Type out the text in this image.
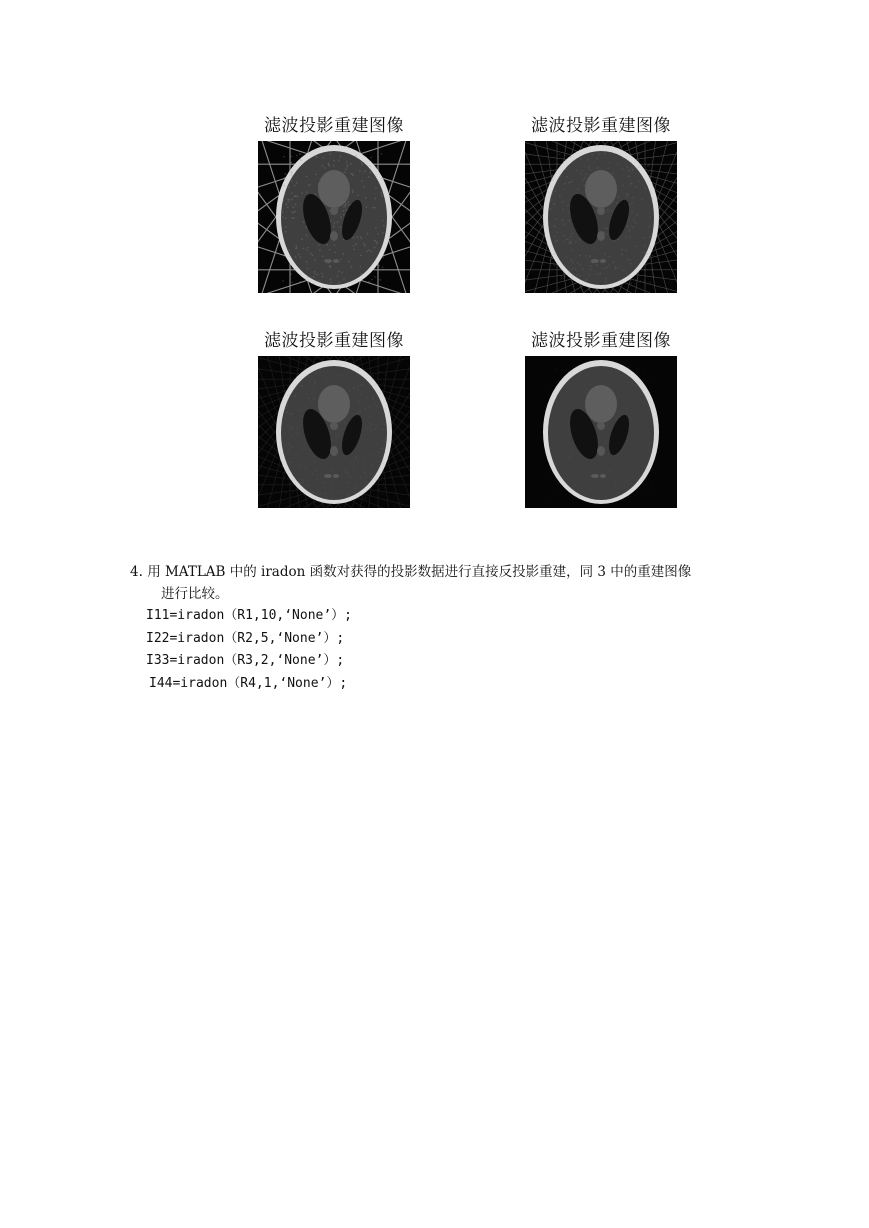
滤波投影重建图像	滤波投影重建图像
滤波投影重建图像	滤波投影重建图像
4. 用 MATLAB 中的 iradon 函数对获得的投影数据进行直接反投影重建，同 3 中的重建图像
进行比较。
I11=iradon（R1,10,‘None’）;
I22=iradon（R2,5,‘None’）;
I33=iradon（R3,2,‘None’）;
I44=iradon（R4,1,‘None’）;
